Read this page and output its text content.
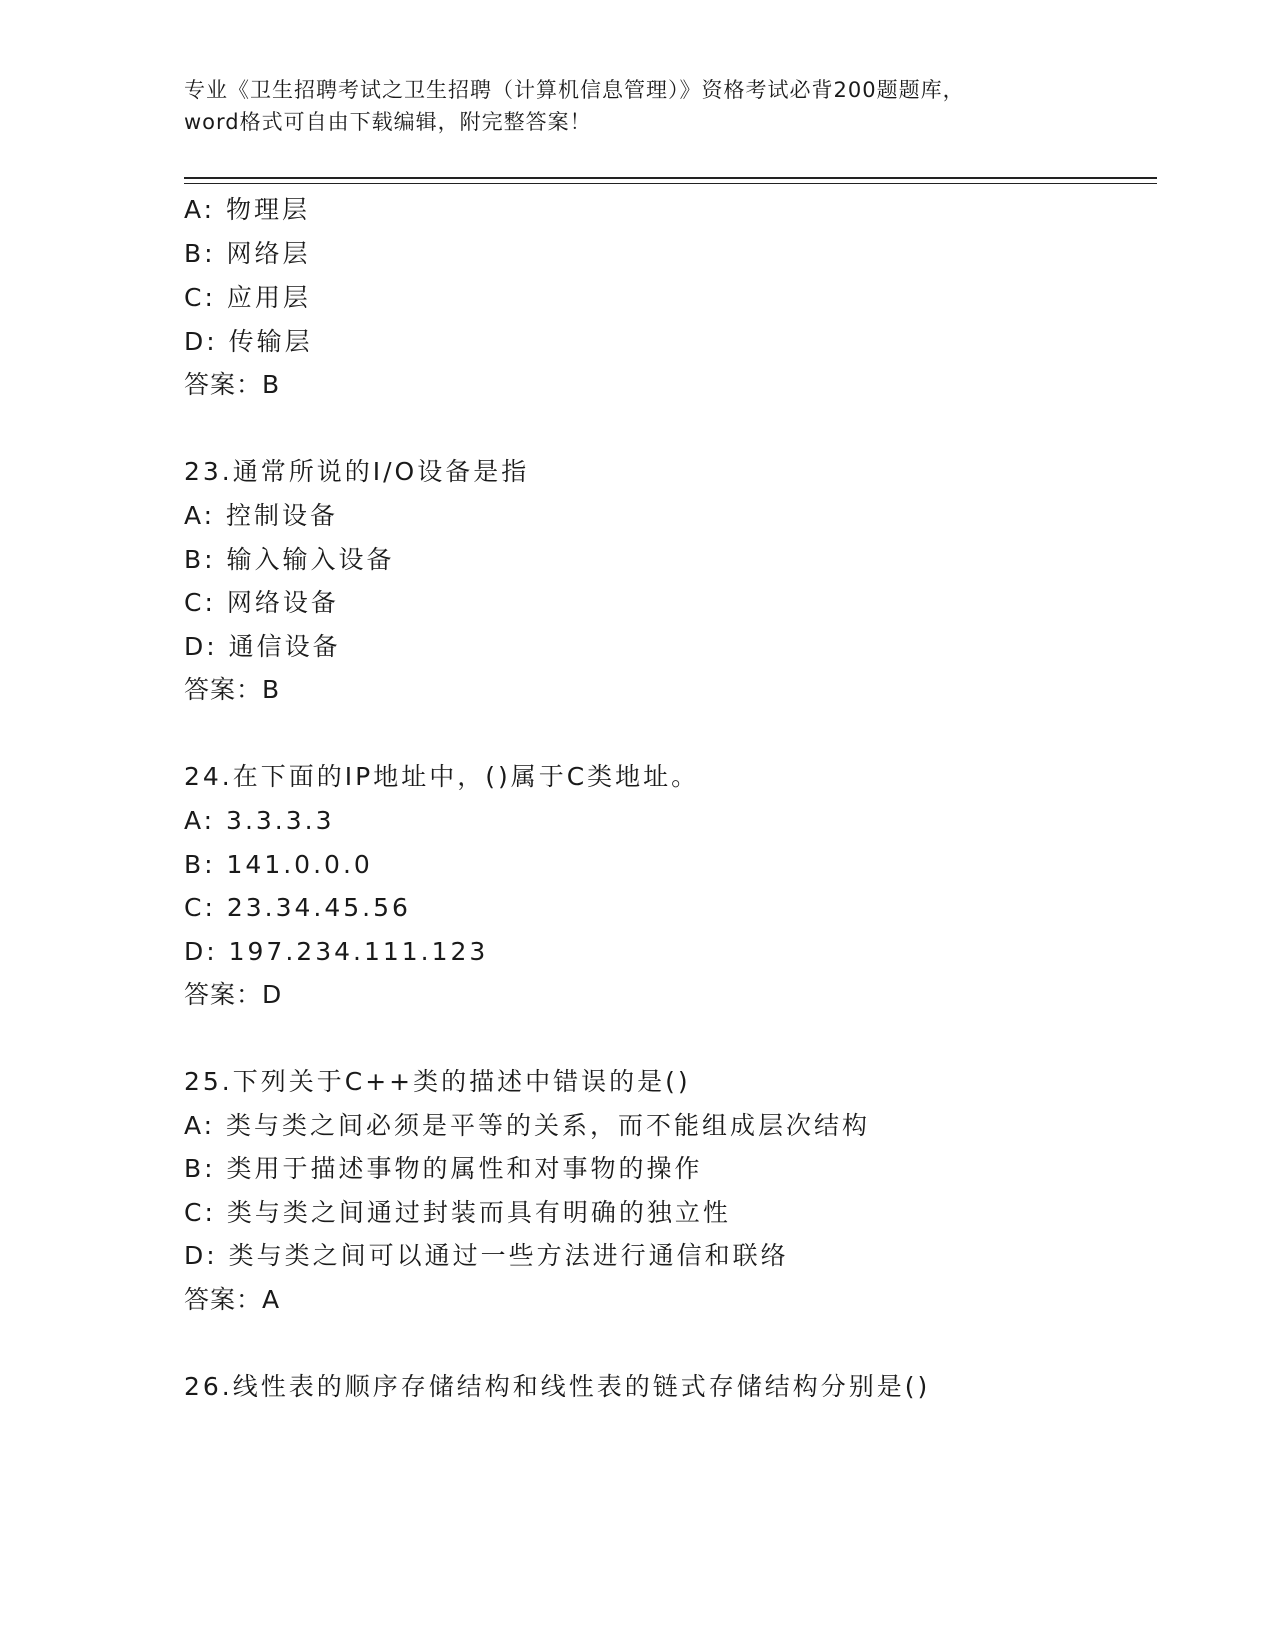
专业《卫生招聘考试之卫生招聘（计算机信息管理）》资格考试必背200题题库，
word格式可自由下载编辑，附完整答案！
A: 物理层
B: 网络层
C: 应用层
D: 传输层
答案：B
23.通常所说的I/O设备是指
A: 控制设备
B: 输入输入设备
C: 网络设备
D: 通信设备
答案：B
24.在下面的IP地址中，()属于C类地址。
A: 3.3.3.3
B: 141.0.0.0
C: 23.34.45.56
D: 197.234.111.123
答案：D
25.下列关于C++类的描述中错误的是()
A: 类与类之间必须是平等的关系，而不能组成层次结构
B: 类用于描述事物的属性和对事物的操作
C: 类与类之间通过封装而具有明确的独立性
D: 类与类之间可以通过一些方法进行通信和联络
答案：A
26.线性表的顺序存储结构和线性表的链式存储结构分别是()
